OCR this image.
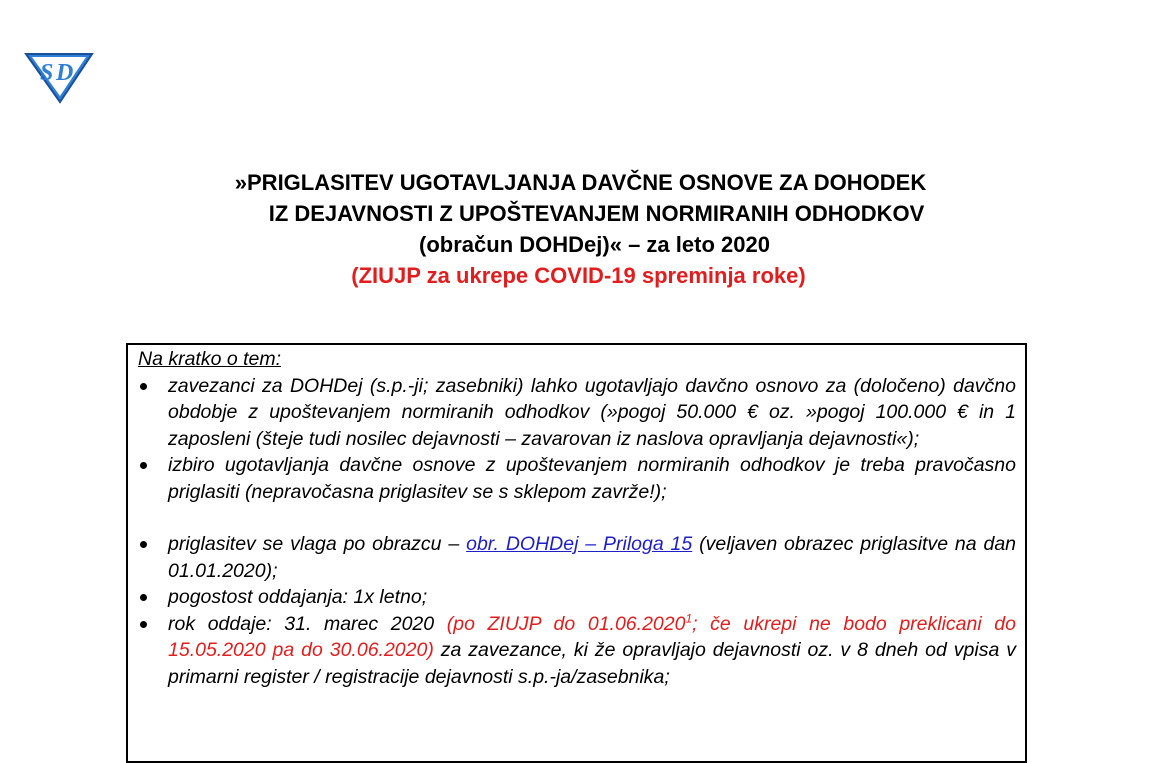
S D
»PRIGLASITEV UGOTAVLJANJA DAVČNE OSNOVE ZA DOHODEK
IZ DEJAVNOSTI Z UPOŠTEVANJEM NORMIRANIH ODHODKOV
(obračun DOHDej)« – za leto 2020
(ZIUJP za ukrepe COVID-19 spreminja roke)
Na kratko o tem:
zavezanci za DOHDej (s.p.-ji; zasebniki) lahko ugotavljajo davčno osnovo za (določeno) davčno obdobje z upoštevanjem normiranih odhodkov (»pogoj 50.000 € oz. »pogoj 100.000 € in 1 zaposleni (šteje tudi nosilec dejavnosti – zavarovan iz naslova opravljanja dejavnosti«);
izbiro ugotavljanja davčne osnove z upoštevanjem normiranih odhodkov je treba pravočasno priglasiti (nepravočasna priglasitev se s sklepom zavrže!);
priglasitev se vlaga po obrazcu – obr. DOHDej – Priloga 15 (veljaven obrazec priglasitve na dan 01.01.2020);
pogostost oddajanja: 1x letno;
rok oddaje: 31. marec 2020 (po ZIUJP do 01.06.2020$^1$; če ukrepi ne bodo preklicani do 15.05.2020 pa do 30.06.2020) za zavezance, ki že opravljajo dejavnosti oz. v 8 dneh od vpisa v primarni register / registracije dejavnosti s.p.-ja/zasebnika;
